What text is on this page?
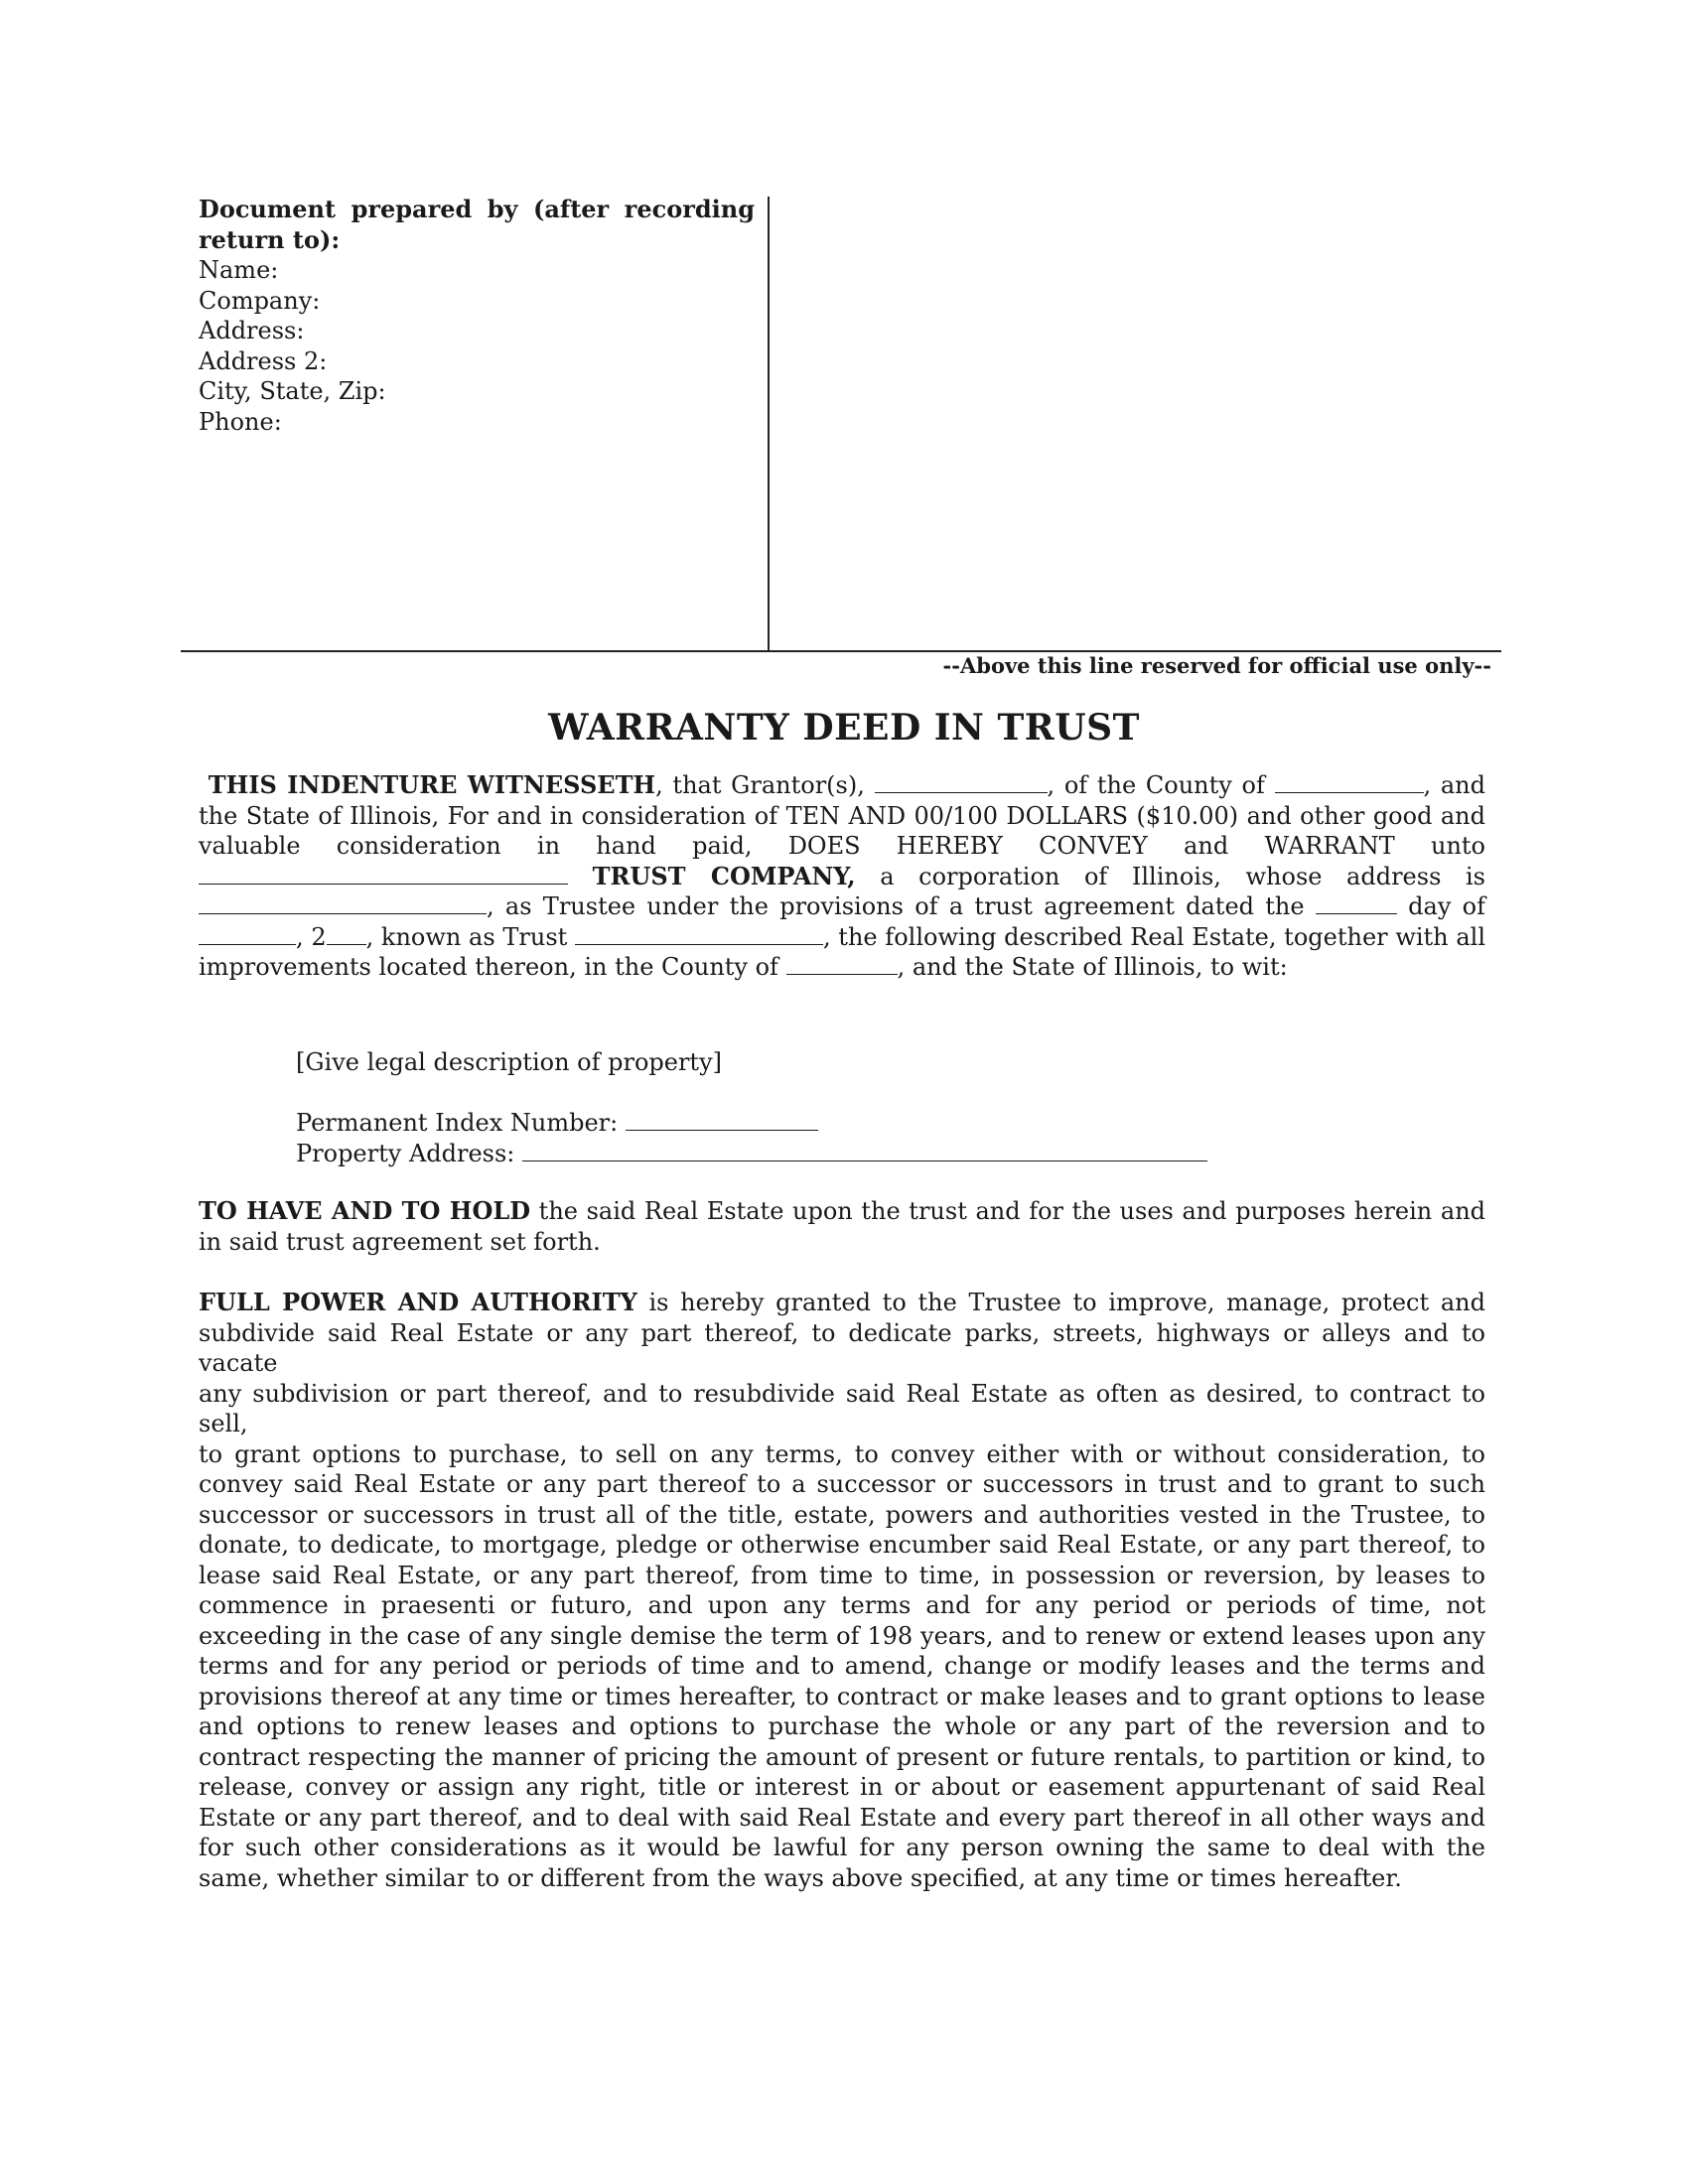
Document prepared by (after recording
return to):
Name:
Company:
Address:
Address 2:
City, State, Zip:
Phone:
--Above this line reserved for official use only--
WARRANTY DEED IN TRUST
THIS INDENTURE WITNESSETH, that Grantor(s),	, of the County of	, and
the State of Illinois, For and in consideration of TEN AND 00/100 DOLLARS ($10.00) and other good and
valuable consideration in hand paid, DOES HEREBY CONVEY and WARRANT unto
TRUST COMPANY, a corporation of Illinois, whose address is
, as Trustee under the provisions of a trust agreement dated the	day of
, 2 , known as Trust	, the following described Real Estate, together with all
improvements located thereon, in the County of	, and the State of Illinois, to wit:
[Give legal description of property]
Permanent Index Number:
Property Address:
TO HAVE AND TO HOLD the said Real Estate upon the trust and for the uses and purposes herein and
in said trust agreement set forth.
FULL POWER AND AUTHORITY is hereby granted to the Trustee to improve, manage, protect and
subdivide said Real Estate or any part thereof, to dedicate parks, streets, highways or alleys and to vacate
any subdivision or part thereof, and to resubdivide said Real Estate as often as desired, to contract to sell,
to grant options to purchase, to sell on any terms, to convey either with or without consideration, to
convey said Real Estate or any part thereof to a successor or successors in trust and to grant to such
successor or successors in trust all of the title, estate, powers and authorities vested in the Trustee, to
donate, to dedicate, to mortgage, pledge or otherwise encumber said Real Estate, or any part thereof, to
lease said Real Estate, or any part thereof, from time to time, in possession or reversion, by leases to
commence in praesenti or futuro, and upon any terms and for any period or periods of time, not
exceeding in the case of any single demise the term of 198 years, and to renew or extend leases upon any
terms and for any period or periods of time and to amend, change or modify leases and the terms and
provisions thereof at any time or times hereafter, to contract or make leases and to grant options to lease
and options to renew leases and options to purchase the whole or any part of the reversion and to
contract respecting the manner of pricing the amount of present or future rentals, to partition or kind, to
release, convey or assign any right, title or interest in or about or easement appurtenant of said Real
Estate or any part thereof, and to deal with said Real Estate and every part thereof in all other ways and
for such other considerations as it would be lawful for any person owning the same to deal with the
same, whether similar to or different from the ways above specified, at any time or times hereafter.
